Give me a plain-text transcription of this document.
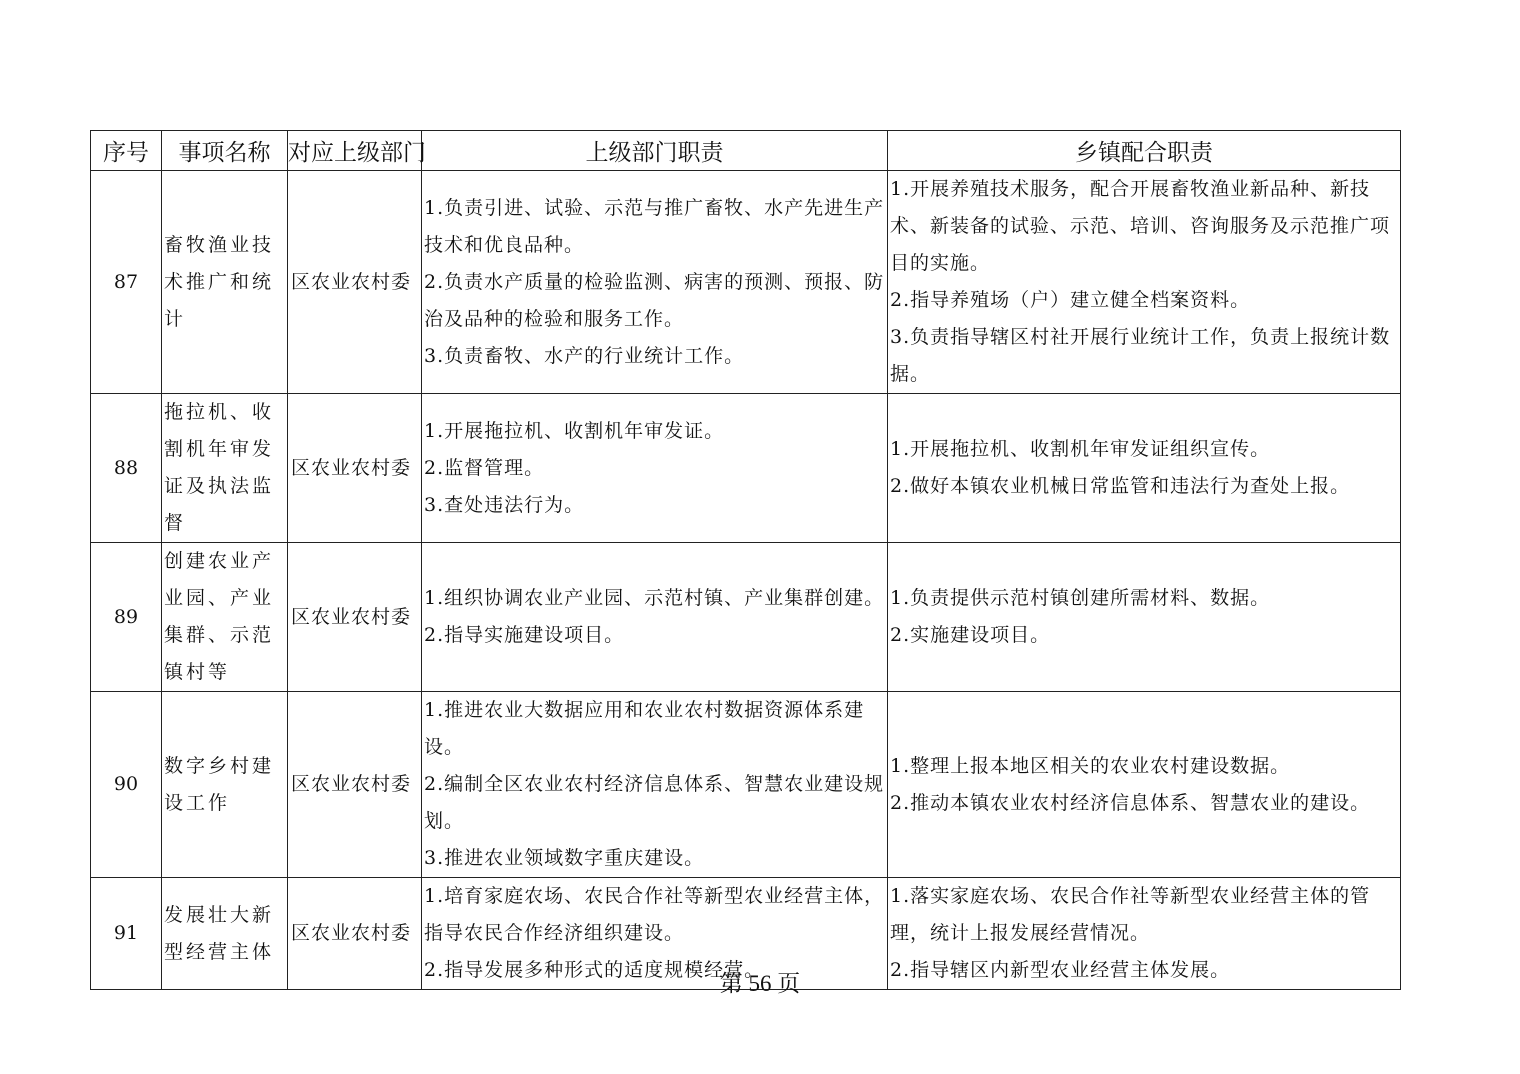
序号	事项名称	对应上级部门	上级部门职责	乡镇配合职责
87	畜牧渔业技术推广和统计	区农业农村委	1.负责引进、试验、示范与推广畜牧、水产先进生产技术和优良品种。
2.负责水产质量的检验监测、病害的预测、预报、防治及品种的检验和服务工作。
3.负责畜牧、水产的行业统计工作。	1.开展养殖技术服务，配合开展畜牧渔业新品种、新技术、新装备的试验、示范、培训、咨询服务及示范推广项目的实施。
2.指导养殖场（户）建立健全档案资料。
3.负责指导辖区村社开展行业统计工作，负责上报统计数据。

88	拖拉机、收割机年审发证及执法监督	区农业农村委	1.开展拖拉机、收割机年审发证。
2.监督管理。
3.查处违法行为。	1.开展拖拉机、收割机年审发证组织宣传。
2.做好本镇农业机械日常监管和违法行为查处上报。

89	创建农业产业园、产业集群、示范镇村等	区农业农村委	1.组织协调农业产业园、示范村镇、产业集群创建。
2.指导实施建设项目。	1.负责提供示范村镇创建所需材料、数据。
2.实施建设项目。

90	数字乡村建设工作	区农业农村委	1.推进农业大数据应用和农业农村数据资源体系建设。
2.编制全区农业农村经济信息体系、智慧农业建设规划。
3.推进农业领域数字重庆建设。	1.整理上报本地区相关的农业农村建设数据。
2.推动本镇农业农村经济信息体系、智慧农业的建设。

91	发展壮大新型经营主体	区农业农村委	1.培育家庭农场、农民合作社等新型农业经营主体，指导农民合作经济组织建设。
2.指导发展多种形式的适度规模经营。	1.落实家庭农场、农民合作社等新型农业经营主体的管理，统计上报发展经营情况。
2.指导辖区内新型农业经营主体发展。
第 56 页
